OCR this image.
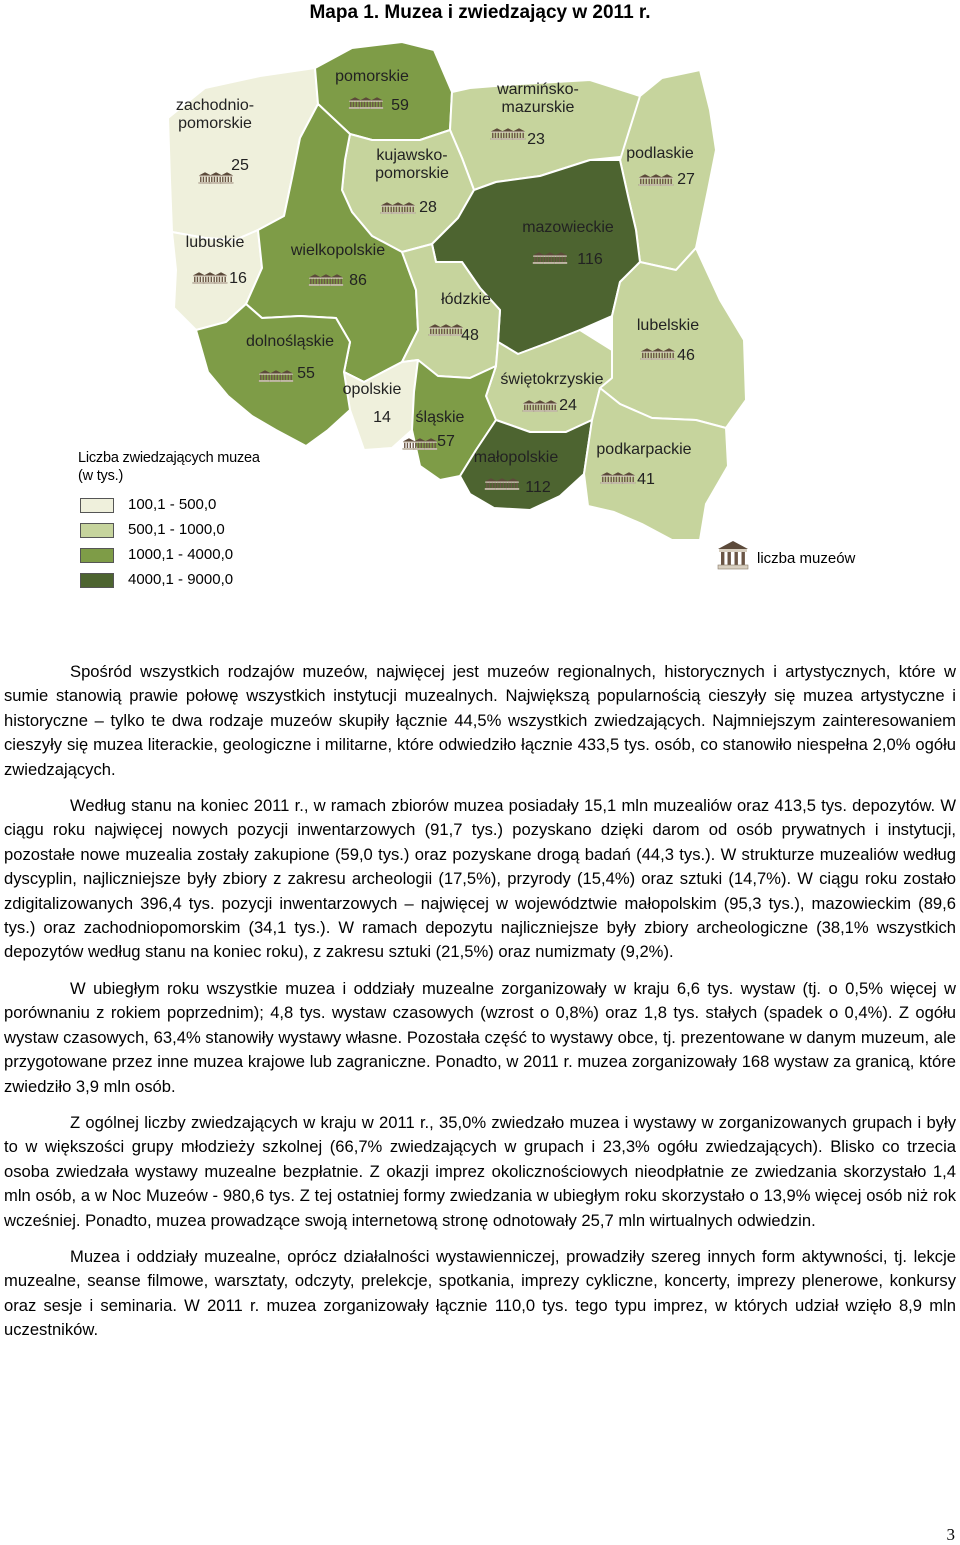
Mapa 1. Muzea i zwiedzający w 2011 r.
zachodnio-pomorskie
25
pomorskie
59
warmińsko-mazurskie
23
podlaskie
27
kujawsko-pomorskie
28
lubuskie
16
wielkopolskie
86
mazowieckie
116
łódzkie
48
lubelskie
46
dolnośląskie
55	świętokrzyskie
24
opolskie
14 śląskie
57
małopolskie
112
podkarpackie
41
Liczba zwiedzających muzea (w tys.)
100,1 - 500,0
500,1 - 1000,0
1000,1 - 4000,0
4000,1 - 9000,0
liczba muzeów

Spośród wszystkich rodzajów muzeów, najwięcej jest muzeów regionalnych, historycznych i artystycznych, które w sumie stanowią prawie połowę wszystkich instytucji muzealnych. Największą popularnością cieszyły się muzea artystyczne i historyczne – tylko te dwa rodzaje muzeów skupiły łącznie 44,5% wszystkich zwiedzających. Najmniejszym zainteresowaniem cieszyły się muzea literackie, geologiczne i militarne, które odwiedziło łącznie 433,5 tys. osób, co stanowiło niespełna 2,0% ogółu zwiedzających.

Według stanu na koniec 2011 r., w ramach zbiorów muzea posiadały 15,1 mln muzealiów oraz 413,5 tys. depozytów. W ciągu roku najwięcej nowych pozycji inwentarzowych (91,7 tys.) pozyskano dzięki darom od osób prywatnych i instytucji, pozostałe nowe muzealia zostały zakupione (59,0 tys.) oraz pozyskane drogą badań (44,3 tys.). W strukturze muzealiów według dyscyplin, najliczniejsze były zbiory z zakresu archeologii (17,5%), przyrody (15,4%) oraz sztuki (14,7%). W ciągu roku zostało zdigitalizowanych 396,4 tys. pozycji inwentarzowych – najwięcej w województwie małopolskim (95,3 tys.), mazowieckim (89,6 tys.) oraz zachodniopomorskim (34,1 tys.). W ramach depozytu najliczniejsze były zbiory archeologiczne (38,1% wszystkich depozytów według stanu na koniec roku), z zakresu sztuki (21,5%) oraz numizmaty (9,2%).

W ubiegłym roku wszystkie muzea i oddziały muzealne zorganizowały w kraju 6,6 tys. wystaw (tj. o 0,5% więcej w porównaniu z rokiem poprzednim); 4,8 tys. wystaw czasowych (wzrost o 0,8%) oraz 1,8 tys. stałych (spadek o 0,4%). Z ogółu wystaw czasowych, 63,4% stanowiły wystawy własne. Pozostała część to wystawy obce, tj. prezentowane w danym muzeum, ale przygotowane przez inne muzea krajowe lub zagraniczne. Ponadto, w 2011 r. muzea zorganizowały 168 wystaw za granicą, które zwiedziło 3,9 mln osób.

Z ogólnej liczby zwiedzających w kraju w 2011 r., 35,0% zwiedzało muzea i wystawy w zorganizowanych grupach i były to w większości grupy młodzieży szkolnej (66,7% zwiedzających w grupach i 23,3% ogółu zwiedzających). Blisko co trzecia osoba zwiedzała wystawy muzealne bezpłatnie. Z okazji imprez okolicznościowych nieodpłatnie ze zwiedzania skorzystało 1,4 mln osób, a w Noc Muzeów - 980,6 tys. Z tej ostatniej formy zwiedzania w ubiegłym roku skorzystało o 13,9% więcej osób niż rok wcześniej. Ponadto, muzea prowadzące swoją internetową stronę odnotowały 25,7 mln wirtualnych odwiedzin.

Muzea i oddziały muzealne, oprócz działalności wystawienniczej, prowadziły szereg innych form aktywności, tj. lekcje muzealne, seanse filmowe, warsztaty, odczyty, prelekcje, spotkania, imprezy cykliczne, koncerty, imprezy plenerowe, konkursy oraz sesje i seminaria. W 2011 r. muzea zorganizowały łącznie 110,0 tys. tego typu imprez, w których udział wzięło 8,9 mln uczestników.

3
